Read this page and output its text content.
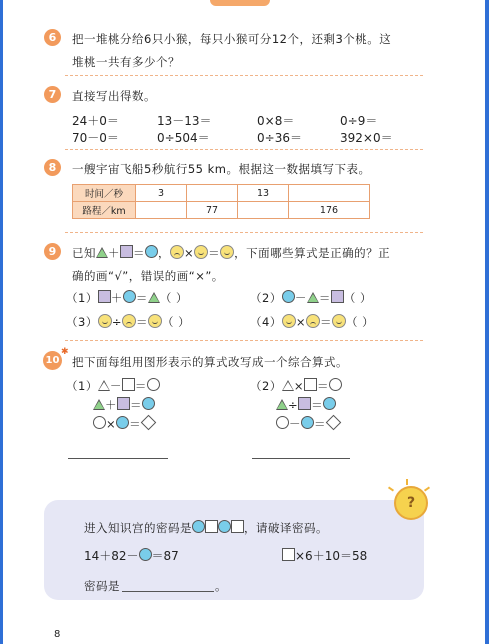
6	把一堆桃分给6只小猴，每只小猴可分12个，还剩3个桃。这
堆桃一共有多少个？
7	直接写出得数。
24＋0＝	13－13＝	0×8＝	0÷9＝
70－0＝	0÷504＝	0÷36＝	392×0＝
8	一艘宇宙飞船5秒航行55 km。根据这一数据填写下表。
时间／秒	3		13	
路程／km		77		176
9	已知 ＋ ＝ ， × ＝ ，下面哪些算式是正确的？正
确的画“√”，错误的画“×”。
（1） ＋ ＝ （ ）	（2） － ＝ （ ）
（3） ÷ ＝ （ ）	（4） × ＝ （ ）
10
✱
把下面每组用图形表示的算式改写成一个综合算式。
（1） － ＝
＋ ＝
× ＝
（2） × ＝
÷ ＝
－ ＝
?
进入知识宫的密码是	，请破译密码。
14＋82－ ＝87	×6＋10＝58
密码是	。
8
